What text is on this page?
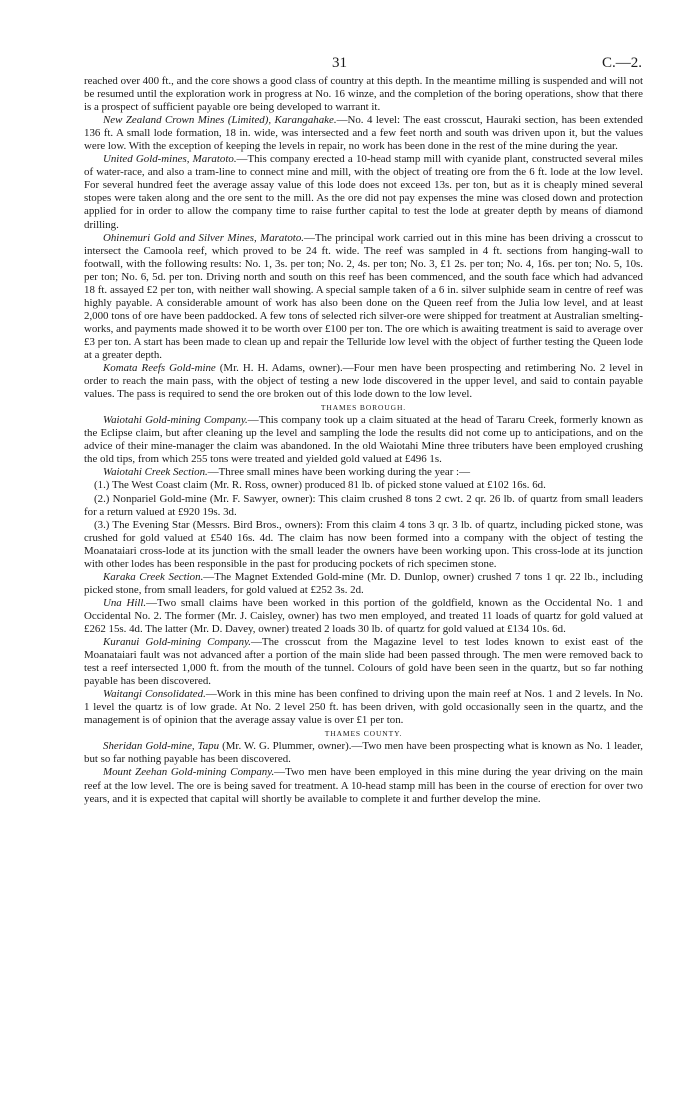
31	C.—2.

reached over 400 ft., and the core shows a good class of country at this depth. In the meantime milling is suspended and will not be resumed until the exploration work in progress at No. 16 winze, and the completion of the boring operations, show that there is a prospect of sufficient payable ore being developed to warrant it.

New Zealand Crown Mines (Limited), Karangahake.—No. 4 level: The east crosscut, Hauraki section, has been extended 136 ft. A small lode formation, 18 in. wide, was intersected and a few feet north and south was driven upon it, but the values were low. With the exception of keeping the levels in repair, no work has been done in the rest of the mine during the year.

United Gold-mines, Maratoto.—This company erected a 10-head stamp mill with cyanide plant, constructed several miles of water-race, and also a tram-line to connect mine and mill, with the object of treating ore from the 6 ft. lode at the low level. For several hundred feet the average assay value of this lode does not exceed 13s. per ton, but as it is cheaply mined several stopes were taken along and the ore sent to the mill. As the ore did not pay expenses the mine was closed down and protection applied for in order to allow the company time to raise further capital to test the lode at greater depth by means of diamond drilling.

Ohinemuri Gold and Silver Mines, Maratoto.—The principal work carried out in this mine has been driving a crosscut to intersect the Camoola reef, which proved to be 24 ft. wide. The reef was sampled in 4 ft. sections from hanging-wall to footwall, with the following results: No. 1, 3s. per ton; No. 2, 4s. per ton; No. 3, £1 2s. per ton; No. 4, 16s. per ton; No. 5, 10s. per ton; No. 6, 5d. per ton. Driving north and south on this reef has been commenced, and the south face which had advanced 18 ft. assayed £2 per ton, with neither wall showing. A special sample taken of a 6 in. silver sulphide seam in centre of reef was highly payable. A considerable amount of work has also been done on the Queen reef from the Julia low level, and at least 2,000 tons of ore have been paddocked. A few tons of selected rich silver-ore were shipped for treatment at Australian smelting-works, and payments made showed it to be worth over £100 per ton. The ore which is awaiting treatment is said to average over £3 per ton. A start has been made to clean up and repair the Telluride low level with the object of further testing the Queen lode at a greater depth.

Komata Reefs Gold-mine (Mr. H. H. Adams, owner).—Four men have been prospecting and retimbering No. 2 level in order to reach the main pass, with the object of testing a new lode discovered in the upper level, and said to contain payable values. The pass is required to send the ore broken out of this lode down to the low level.

THAMES BOROUGH.

Waiotahi Gold-mining Company.—This company took up a claim situated at the head of Tararu Creek, formerly known as the Eclipse claim, but after cleaning up the level and sampling the lode the results did not come up to anticipations, and on the advice of their mine-manager the claim was abandoned. In the old Waiotahi Mine three tributers have been employed crushing the old tips, from which 255 tons were treated and yielded gold valued at £496 1s.

Waiotahi Creek Section.—Three small mines have been working during the year :—

(1.) The West Coast claim (Mr. R. Ross, owner) produced 81 lb. of picked stone valued at £102 16s. 6d.

(2.) Nonpariel Gold-mine (Mr. F. Sawyer, owner): This claim crushed 8 tons 2 cwt. 2 qr. 26 lb. of quartz from small leaders for a return valued at £920 19s. 3d.

(3.) The Evening Star (Messrs. Bird Bros., owners): From this claim 4 tons 3 qr. 3 lb. of quartz, including picked stone, was crushed for gold valued at £540 16s. 4d. The claim has now been formed into a company with the object of testing the Moanataiari cross-lode at its junction with the small leader the owners have been working upon. This cross-lode at its junction with other lodes has been responsible in the past for producing pockets of rich specimen stone.

Karaka Creek Section.—The Magnet Extended Gold-mine (Mr. D. Dunlop, owner) crushed 7 tons 1 qr. 22 lb., including picked stone, from small leaders, for gold valued at £252 3s. 2d.

Una Hill.—Two small claims have been worked in this portion of the goldfield, known as the Occidental No. 1 and Occidental No. 2. The former (Mr. J. Caisley, owner) has two men employed, and treated 11 loads of quartz for gold valued at £262 15s. 4d. The latter (Mr. D. Davey, owner) treated 2 loads 30 lb. of quartz for gold valued at £134 10s. 6d.

Kuranui Gold-mining Company.—The crosscut from the Magazine level to test lodes known to exist east of the Moanataiari fault was not advanced after a portion of the main slide had been passed through. The men were removed back to test a reef intersected 1,000 ft. from the mouth of the tunnel. Colours of gold have been seen in the quartz, but so far nothing payable has been discovered.

Waitangi Consolidated.—Work in this mine has been confined to driving upon the main reef at Nos. 1 and 2 levels. In No. 1 level the quartz is of low grade. At No. 2 level 250 ft. has been driven, with gold occasionally seen in the quartz, and the management is of opinion that the average assay value is over £1 per ton.

THAMES COUNTY.

Sheridan Gold-mine, Tapu (Mr. W. G. Plummer, owner).—Two men have been prospecting what is known as No. 1 leader, but so far nothing payable has been discovered.

Mount Zeehan Gold-mining Company.—Two men have been employed in this mine during the year driving on the main reef at the low level. The ore is being saved for treatment. A 10-head stamp mill has been in the course of erection for over two years, and it is expected that capital will shortly be available to complete it and further develop the mine.
